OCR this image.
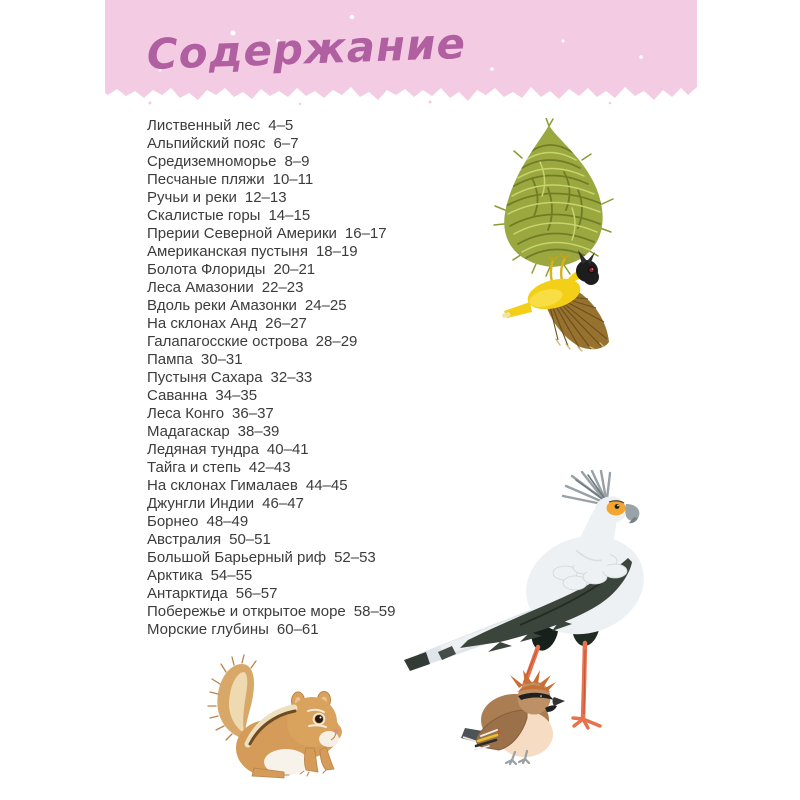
Содержание
Лиственный лес 4–5
Альпийский пояс 6–7
Средиземноморье 8–9
Песчаные пляжи 10–11
Ручьи и реки 12–13
Скалистые горы 14–15
Прерии Северной Америки 16–17
Американская пустыня 18–19
Болота Флориды 20–21
Леса Амазонии 22–23
Вдоль реки Амазонки 24–25
На склонах Анд 26–27
Галапагосские острова 28–29
Пампа 30–31
Пустыня Сахара 32–33
Саванна 34–35
Леса Конго 36–37
Мадагаскар 38–39
Ледяная тундра 40–41
Тайга и степь 42–43
На склонах Гималаев 44–45
Джунгли Индии 46–47
Борнео 48–49
Австралия 50–51
Большой Барьерный риф 52–53
Арктика 54–55
Антарктида 56–57
Побережье и открытое море 58–59
Морские глубины 60–61
